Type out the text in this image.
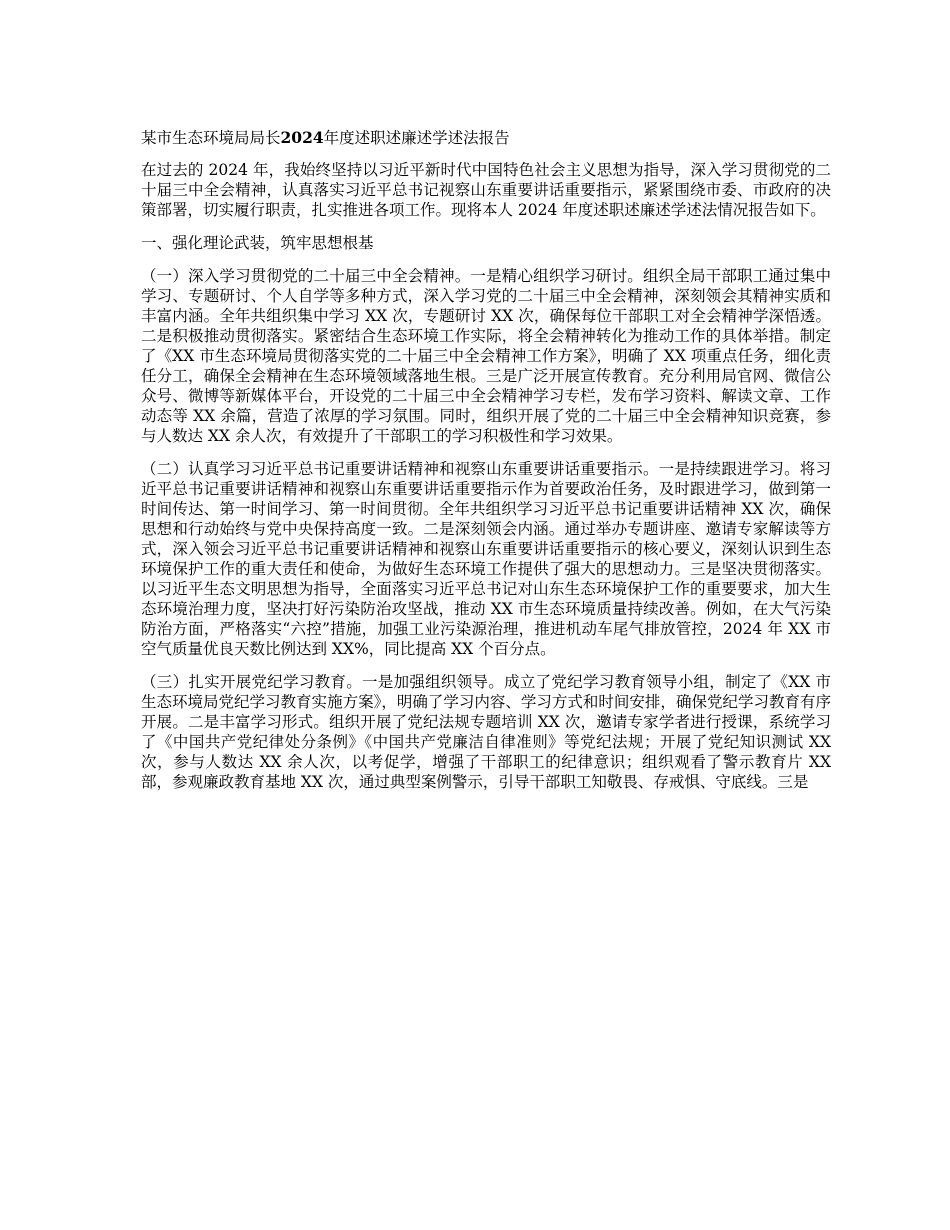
某市生态环境局局长2024年度述职述廉述学述法报告

在过去的 2024 年，我始终坚持以习近平新时代中国特色社会主义思想为指导，深入学习贯彻党的二十届三中全会精神，认真落实习近平总书记视察山东重要讲话重要指示，紧紧围绕市委、市政府的决策部署，切实履行职责，扎实推进各项工作。现将本人 2024 年度述职述廉述学述法情况报告如下。

一、强化理论武装，筑牢思想根基

（一）深入学习贯彻党的二十届三中全会精神。一是精心组织学习研讨。组织全局干部职工通过集中学习、专题研讨、个人自学等多种方式，深入学习党的二十届三中全会精神，深刻领会其精神实质和丰富内涵。全年共组织集中学习 XX 次，专题研讨 XX 次，确保每位干部职工对全会精神学深悟透。二是积极推动贯彻落实。紧密结合生态环境工作实际，将全会精神转化为推动工作的具体举措。制定了《XX 市生态环境局贯彻落实党的二十届三中全会精神工作方案》，明确了 XX 项重点任务，细化责任分工，确保全会精神在生态环境领域落地生根。三是广泛开展宣传教育。充分利用局官网、微信公众号、微博等新媒体平台，开设党的二十届三中全会精神学习专栏，发布学习资料、解读文章、工作动态等 XX 余篇，营造了浓厚的学习氛围。同时，组织开展了党的二十届三中全会精神知识竞赛，参与人数达 XX 余人次，有效提升了干部职工的学习积极性和学习效果。

（二）认真学习习近平总书记重要讲话精神和视察山东重要讲话重要指示。一是持续跟进学习。将习近平总书记重要讲话精神和视察山东重要讲话重要指示作为首要政治任务，及时跟进学习，做到第一时间传达、第一时间学习、第一时间贯彻。全年共组织学习习近平总书记重要讲话精神 XX 次，确保思想和行动始终与党中央保持高度一致。二是深刻领会内涵。通过举办专题讲座、邀请专家解读等方式，深入领会习近平总书记重要讲话精神和视察山东重要讲话重要指示的核心要义，深刻认识到生态环境保护工作的重大责任和使命，为做好生态环境工作提供了强大的思想动力。三是坚决贯彻落实。以习近平生态文明思想为指导，全面落实习近平总书记对山东生态环境保护工作的重要要求，加大生态环境治理力度，坚决打好污染防治攻坚战，推动 XX 市生态环境质量持续改善。例如，在大气污染防治方面，严格落实“六控”措施，加强工业污染源治理，推进机动车尾气排放管控，2024 年 XX 市空气质量优良天数比例达到 XX%，同比提高 XX 个百分点。

（三）扎实开展党纪学习教育。一是加强组织领导。成立了党纪学习教育领导小组，制定了《XX 市生态环境局党纪学习教育实施方案》，明确了学习内容、学习方式和时间安排，确保党纪学习教育有序开展。二是丰富学习形式。组织开展了党纪法规专题培训 XX 次，邀请专家学者进行授课，系统学习了《中国共产党纪律处分条例》《中国共产党廉洁自律准则》等党纪法规；开展了党纪知识测试 XX 次，参与人数达 XX 余人次，以考促学，增强了干部职工的纪律意识；组织观看了警示教育片 XX 部，参观廉政教育基地 XX 次，通过典型案例警示，引导干部职工知敬畏、存戒惧、守底线。三是
